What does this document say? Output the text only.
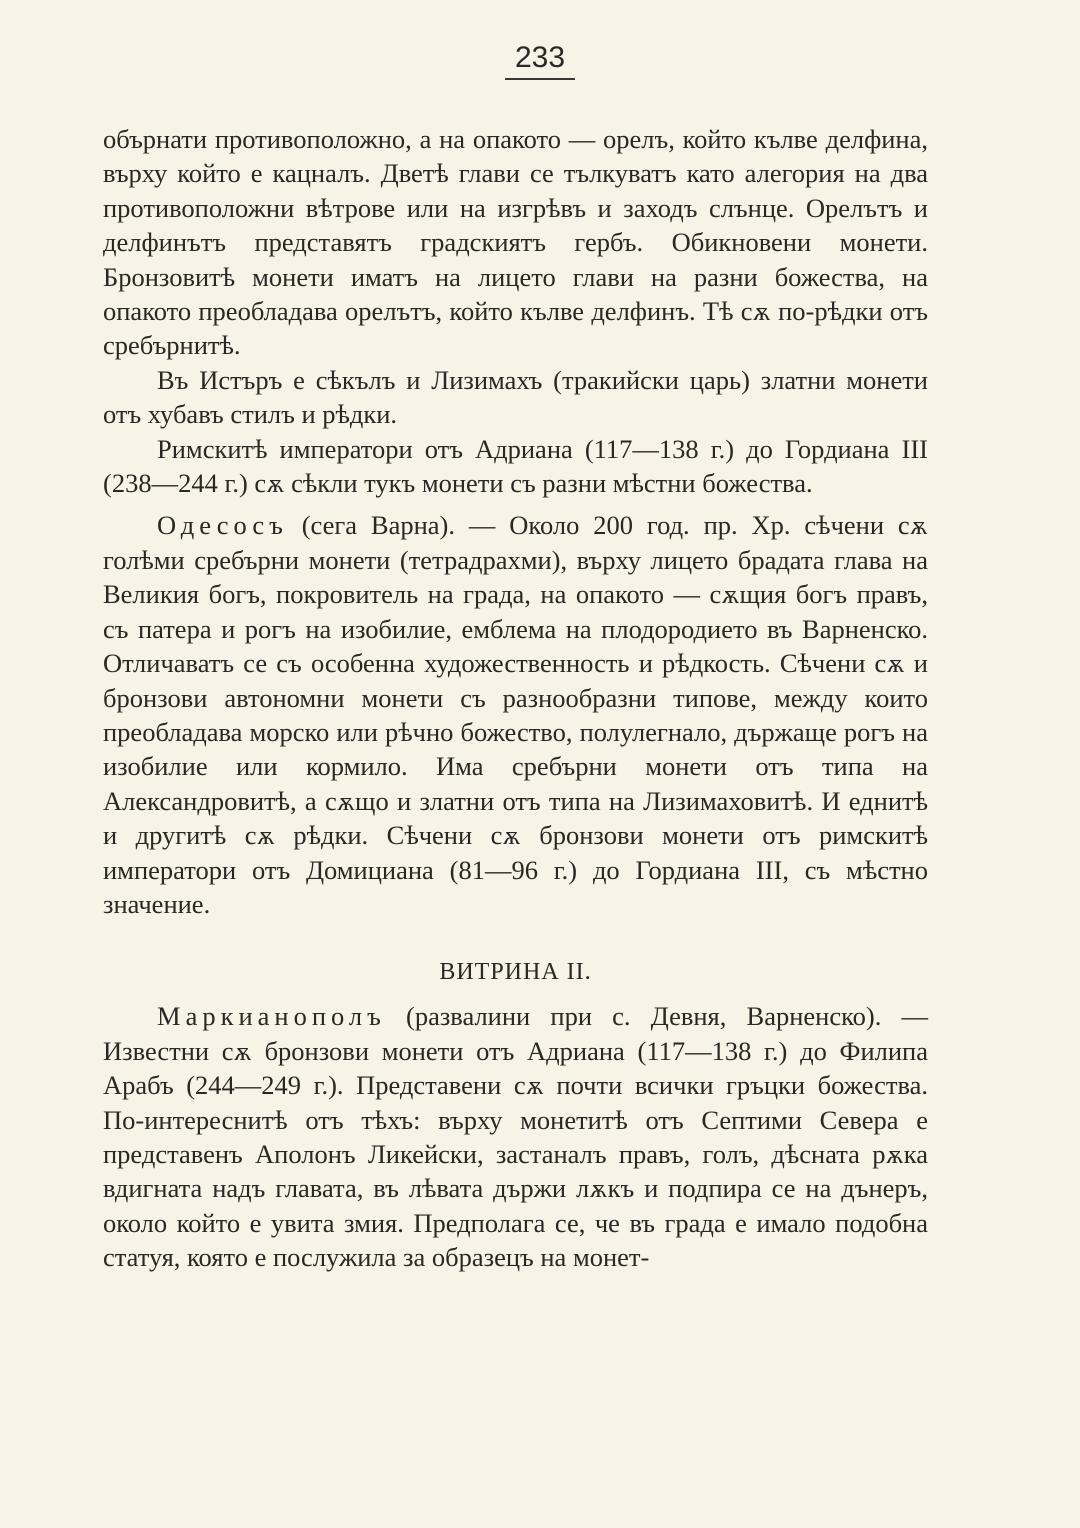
233

обърнати противоположно, а на опакото — орелъ, който кълве делфина, върху който е кацналъ. Дветѣ глави се тълкуватъ като алегория на два противоположни вѣтрове или на изгрѣвъ и заходъ слънце. Орелътъ и делфинътъ представятъ градскиятъ гербъ. Обикновени монети. Бронзовитѣ монети иматъ на лицето глави на разни божества, на опакото преобладава орелътъ, който кълве делфинъ. Тѣ сѫ по-рѣдки отъ сребърнитѣ.

Въ Истъръ е сѣкълъ и Лизимахъ (тракийски царь) златни монети отъ хубавъ стилъ и рѣдки.

Римскитѣ императори отъ Адриана (117—138 г.) до Гордиана III (238—244 г.) сѫ сѣкли тукъ монети съ разни мѣстни божества.

Одесосъ (сега Варна). — Около 200 год. пр. Хр. сѣчени сѫ голѣми сребърни монети (тетрадрахми), върху лицето брадата глава на Великия богъ, покровитель на града, на опакото — сѫщия богъ правъ, съ патера и рогъ на изобилие, емблема на плодородието въ Варненско. Отличаватъ се съ особенна художественность и рѣдкость. Сѣчени сѫ и бронзови автономни монети съ разнообразни типове, между които преобладава морско или рѣчно божество, полулегнало, държаще рогъ на изобилие или кормило. Има сребърни монети отъ типа на Александровитѣ, а сѫщо и златни отъ типа на Лизимаховитѣ. И еднитѣ и другитѣ сѫ рѣдки. Сѣчени сѫ бронзови монети отъ римскитѣ императори отъ Домициана (81—96 г.) до Гордиана III, съ мѣстно значение.

ВИТРИНА II.

Маркианополъ (развалини при с. Девня, Варненско). — Известни сѫ бронзови монети отъ Адриана (117—138 г.) до Филипа Арабъ (244—249 г.). Представени сѫ почти всички гръцки божества. По-интереснитѣ отъ тѣхъ: върху монетитѣ отъ Септими Севера е представенъ Аполонъ Ликейски, застаналъ правъ, голъ, дѣсната рѫка вдигната надъ главата, въ лѣвата държи лѫкъ и подпира се на дънеръ, около който е увита змия. Предполага се, че въ града е имало подобна статуя, която е послужила за образецъ на монет-
